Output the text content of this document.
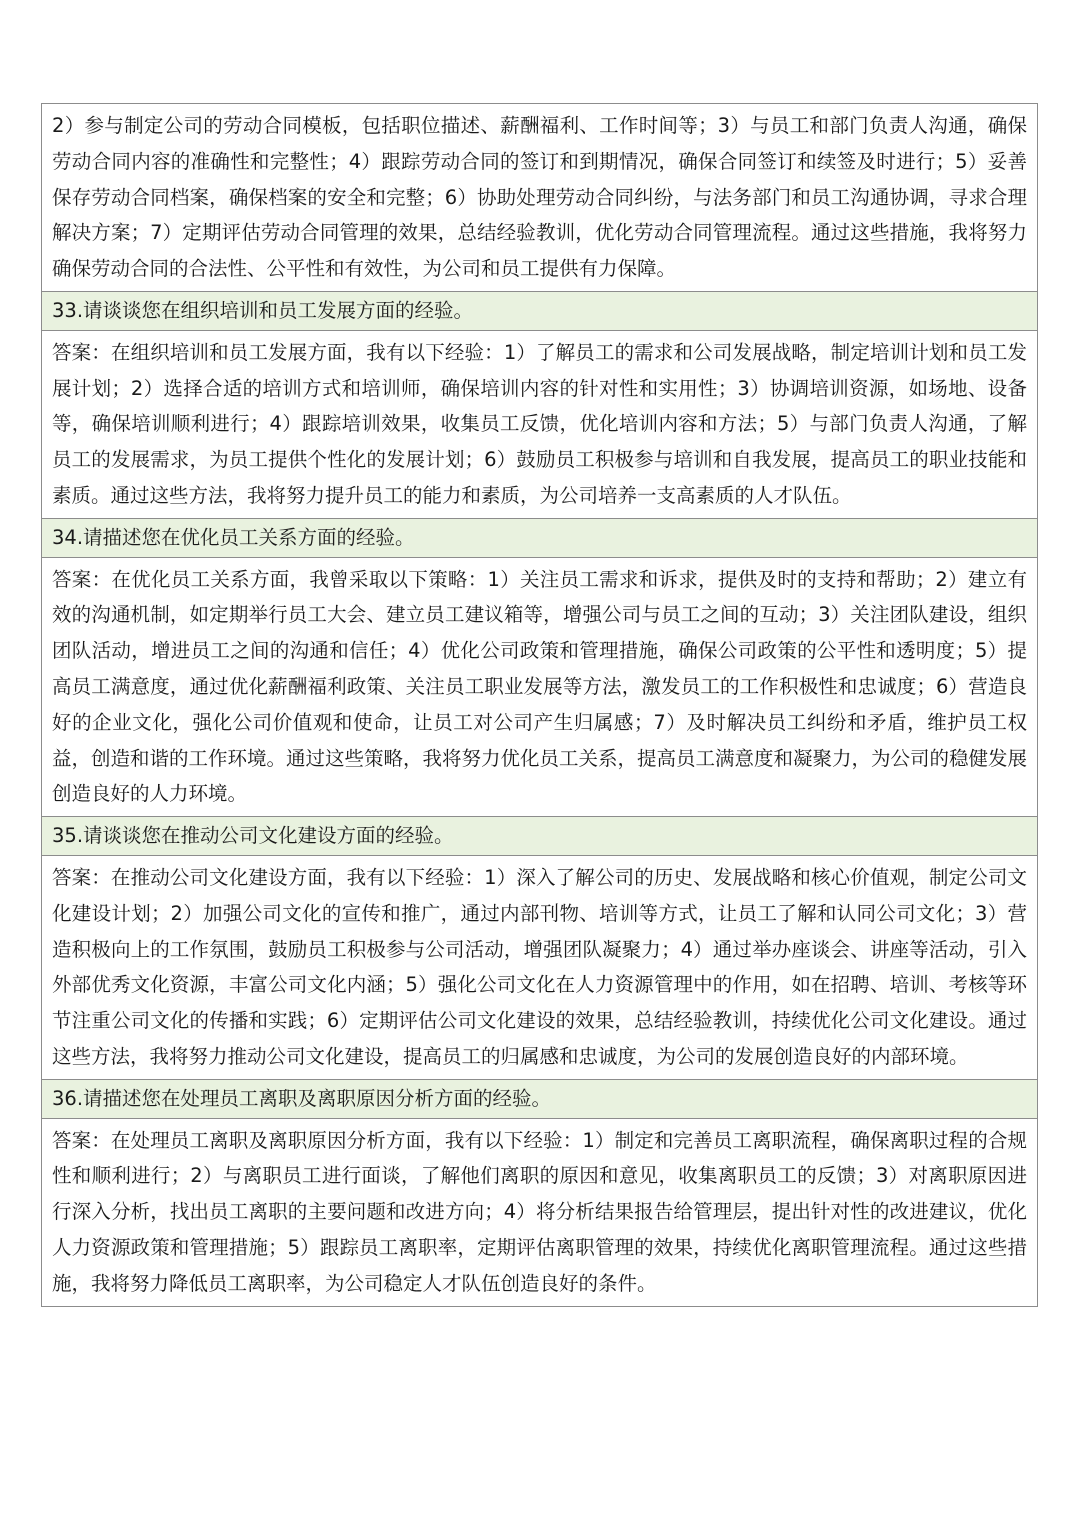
2）参与制定公司的劳动合同模板，包括职位描述、薪酬福利、工作时间等；3）与员工和部门负责人沟通，确保劳动合同内容的准确性和完整性；4）跟踪劳动合同的签订和到期情况，确保合同签订和续签及时进行；5）妥善保存劳动合同档案，确保档案的安全和完整；6）协助处理劳动合同纠纷，与法务部门和员工沟通协调，寻求合理解决方案；7）定期评估劳动合同管理的效果，总结经验教训，优化劳动合同管理流程。通过这些措施，我将努力确保劳动合同的合法性、公平性和有效性，为公司和员工提供有力保障。
33.请谈谈您在组织培训和员工发展方面的经验。
答案：在组织培训和员工发展方面，我有以下经验：1）了解员工的需求和公司发展战略，制定培训计划和员工发展计划；2）选择合适的培训方式和培训师，确保培训内容的针对性和实用性；3）协调培训资源，如场地、设备等，确保培训顺利进行；4）跟踪培训效果，收集员工反馈，优化培训内容和方法；5）与部门负责人沟通，了解员工的发展需求，为员工提供个性化的发展计划；6）鼓励员工积极参与培训和自我发展，提高员工的职业技能和素质。通过这些方法，我将努力提升员工的能力和素质，为公司培养一支高素质的人才队伍。
34.请描述您在优化员工关系方面的经验。
答案：在优化员工关系方面，我曾采取以下策略：1）关注员工需求和诉求，提供及时的支持和帮助；2）建立有效的沟通机制，如定期举行员工大会、建立员工建议箱等，增强公司与员工之间的互动；3）关注团队建设，组织团队活动，增进员工之间的沟通和信任；4）优化公司政策和管理措施，确保公司政策的公平性和透明度；5）提高员工满意度，通过优化薪酬福利政策、关注员工职业发展等方法，激发员工的工作积极性和忠诚度；6）营造良好的企业文化，强化公司价值观和使命，让员工对公司产生归属感；7）及时解决员工纠纷和矛盾，维护员工权益，创造和谐的工作环境。通过这些策略，我将努力优化员工关系，提高员工满意度和凝聚力，为公司的稳健发展创造良好的人力环境。
35.请谈谈您在推动公司文化建设方面的经验。
答案：在推动公司文化建设方面，我有以下经验：1）深入了解公司的历史、发展战略和核心价值观，制定公司文化建设计划；2）加强公司文化的宣传和推广，通过内部刊物、培训等方式，让员工了解和认同公司文化；3）营造积极向上的工作氛围，鼓励员工积极参与公司活动，增强团队凝聚力；4）通过举办座谈会、讲座等活动，引入外部优秀文化资源，丰富公司文化内涵；5）强化公司文化在人力资源管理中的作用，如在招聘、培训、考核等环节注重公司文化的传播和实践；6）定期评估公司文化建设的效果，总结经验教训，持续优化公司文化建设。通过这些方法，我将努力推动公司文化建设，提高员工的归属感和忠诚度，为公司的发展创造良好的内部环境。
36.请描述您在处理员工离职及离职原因分析方面的经验。
答案：在处理员工离职及离职原因分析方面，我有以下经验：1）制定和完善员工离职流程，确保离职过程的合规性和顺利进行；2）与离职员工进行面谈，了解他们离职的原因和意见，收集离职员工的反馈；3）对离职原因进行深入分析，找出员工离职的主要问题和改进方向；4）将分析结果报告给管理层，提出针对性的改进建议，优化人力资源政策和管理措施；5）跟踪员工离职率，定期评估离职管理的效果，持续优化离职管理流程。通过这些措施，我将努力降低员工离职率，为公司稳定人才队伍创造良好的条件。
